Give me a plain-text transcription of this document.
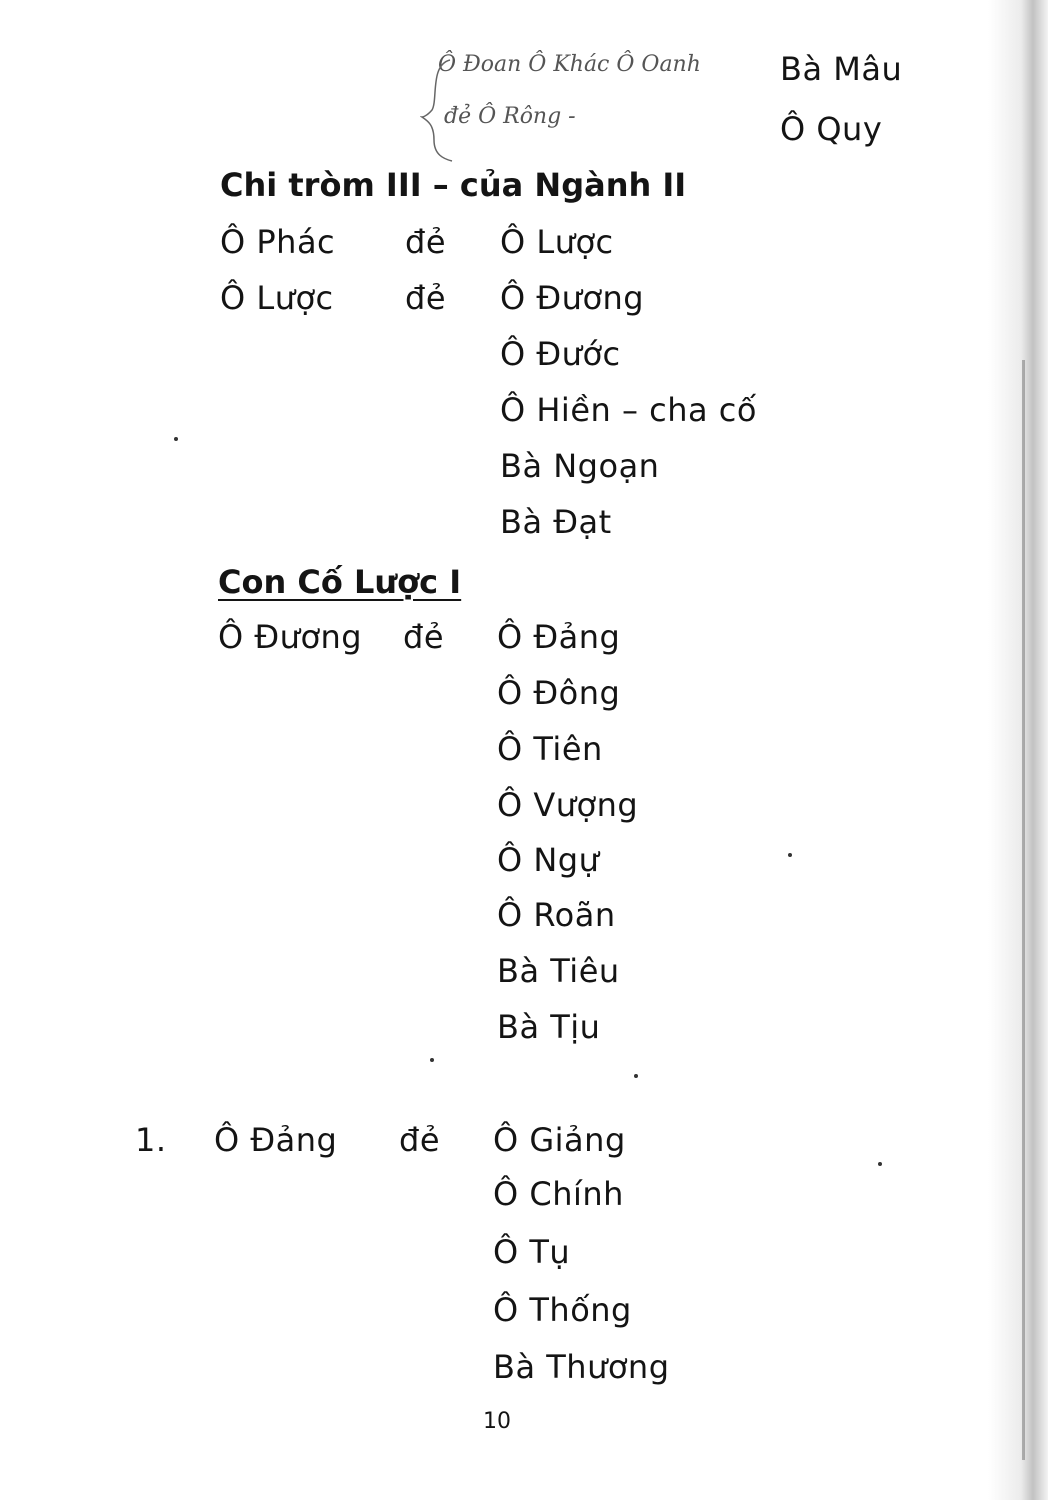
Ô Đoan Ô Khác Ô Oanh
đẻ Ô Rông -
Bà Mâu
Ô Quy
Chi tròm III – của Ngành II
Ô Phác đẻ Ô Lược
Ô Lược đẻ Ô Đương
Ô Đước
Ô Hiền – cha cố
Bà Ngoạn
Bà Đạt
Con Cố Lược I
Ô Đương đẻ Ô Đảng
Ô Đông
Ô Tiên
Ô Vượng
Ô Ngự
Ô Roãn
Bà Tiêu
Bà Tịu
1. Ô Đảng đẻ Ô Giảng
Ô Chính
Ô Tụ
Ô Thống
Bà Thương
10
